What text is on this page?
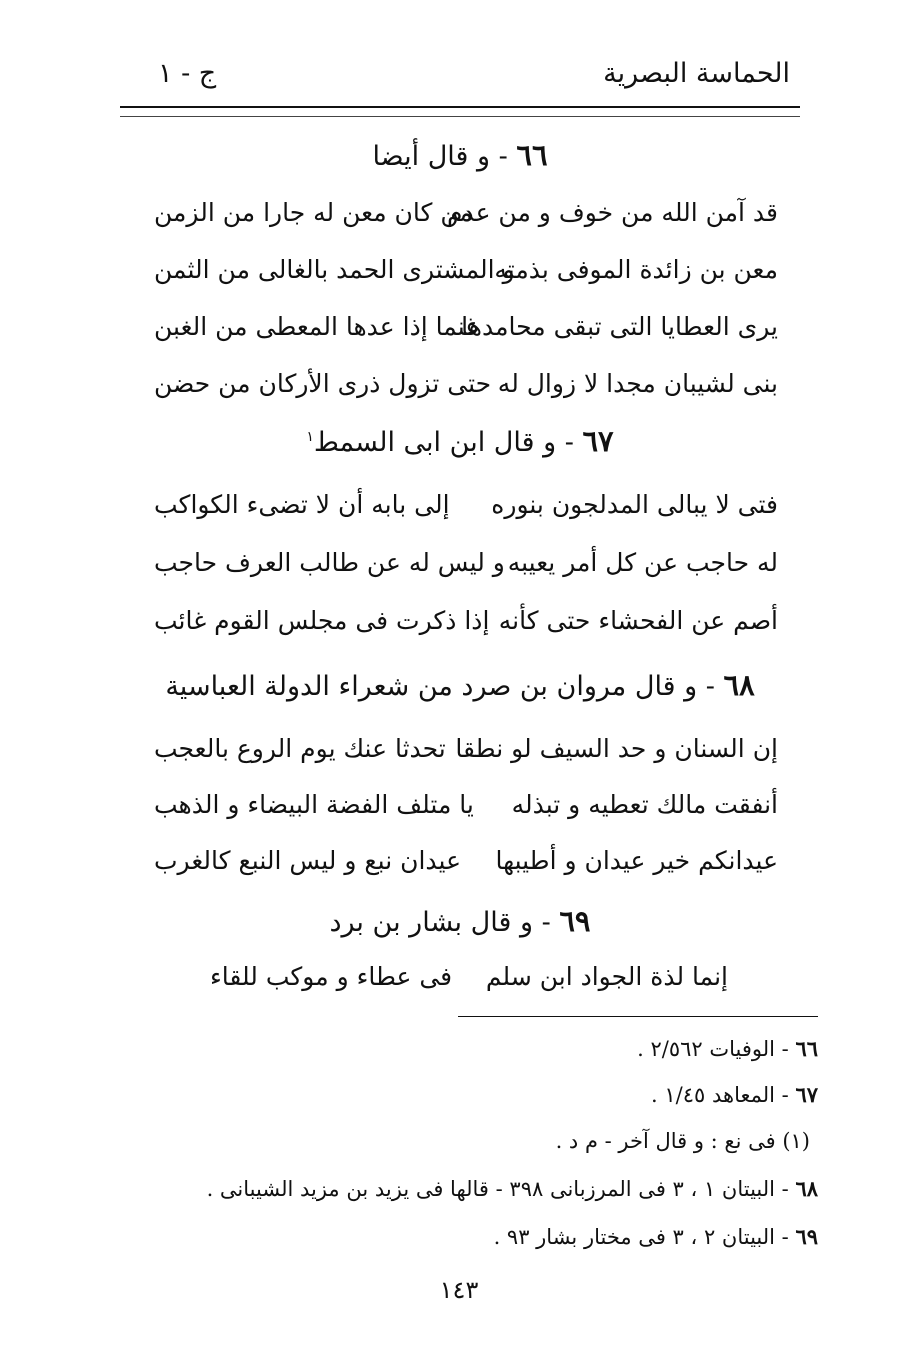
الحماسة البصرية
ج - ١
٦٦ - و قال أيضا
قد آمن الله من خوف و من عدم
من كان معن له جارا من الزمن
معن بن زائدة الموفى بذمته
و المشترى الحمد بالغالى من الثمن
يرى العطايا التى تبقى محامدها
غنما إذا عدها المعطى من الغبن
بنى لشيبان مجدا لا زوال له
حتى تزول ذرى الأركان من حضن
٦٧ - و قال ابن ابى السمط$^١$
فتى لا يبالى المدلجون بنوره
إلى بابه أن لا تضىء الكواكب
له حاجب عن كل أمر يعيبه
و ليس له عن طالب العرف حاجب
أصم عن الفحشاء حتى كأنه
إذا ذكرت فى مجلس القوم غائب
٦٨ - و قال مروان بن صرد من شعراء الدولة العباسية
إن السنان و حد السيف لو نطقا
تحدثا عنك يوم الروع بالعجب
أنفقت مالك تعطيه و تبذله
يا متلف الفضة البيضاء و الذهب
عيدانكم خير عيدان و أطيبها
عيدان نبع و ليس النبع كالغرب
٦٩ - و قال بشار بن برد
إنما لذة الجواد ابن سلم
فى عطاء و موكب للقاء
٦٦ - الوفيات ٢/٥٦٢ .
٦٧ - المعاهد ١/٤٥ .
(١) فى نع : و قال آخر - م د .
٦٨ - البيتان ١ ، ٣ فى المرزبانى ٣٩٨ - قالها فى يزيد بن مزيد الشيبانى .
٦٩ - البيتان ٢ ، ٣ فى مختار بشار ٩٣ .
١٤٣
